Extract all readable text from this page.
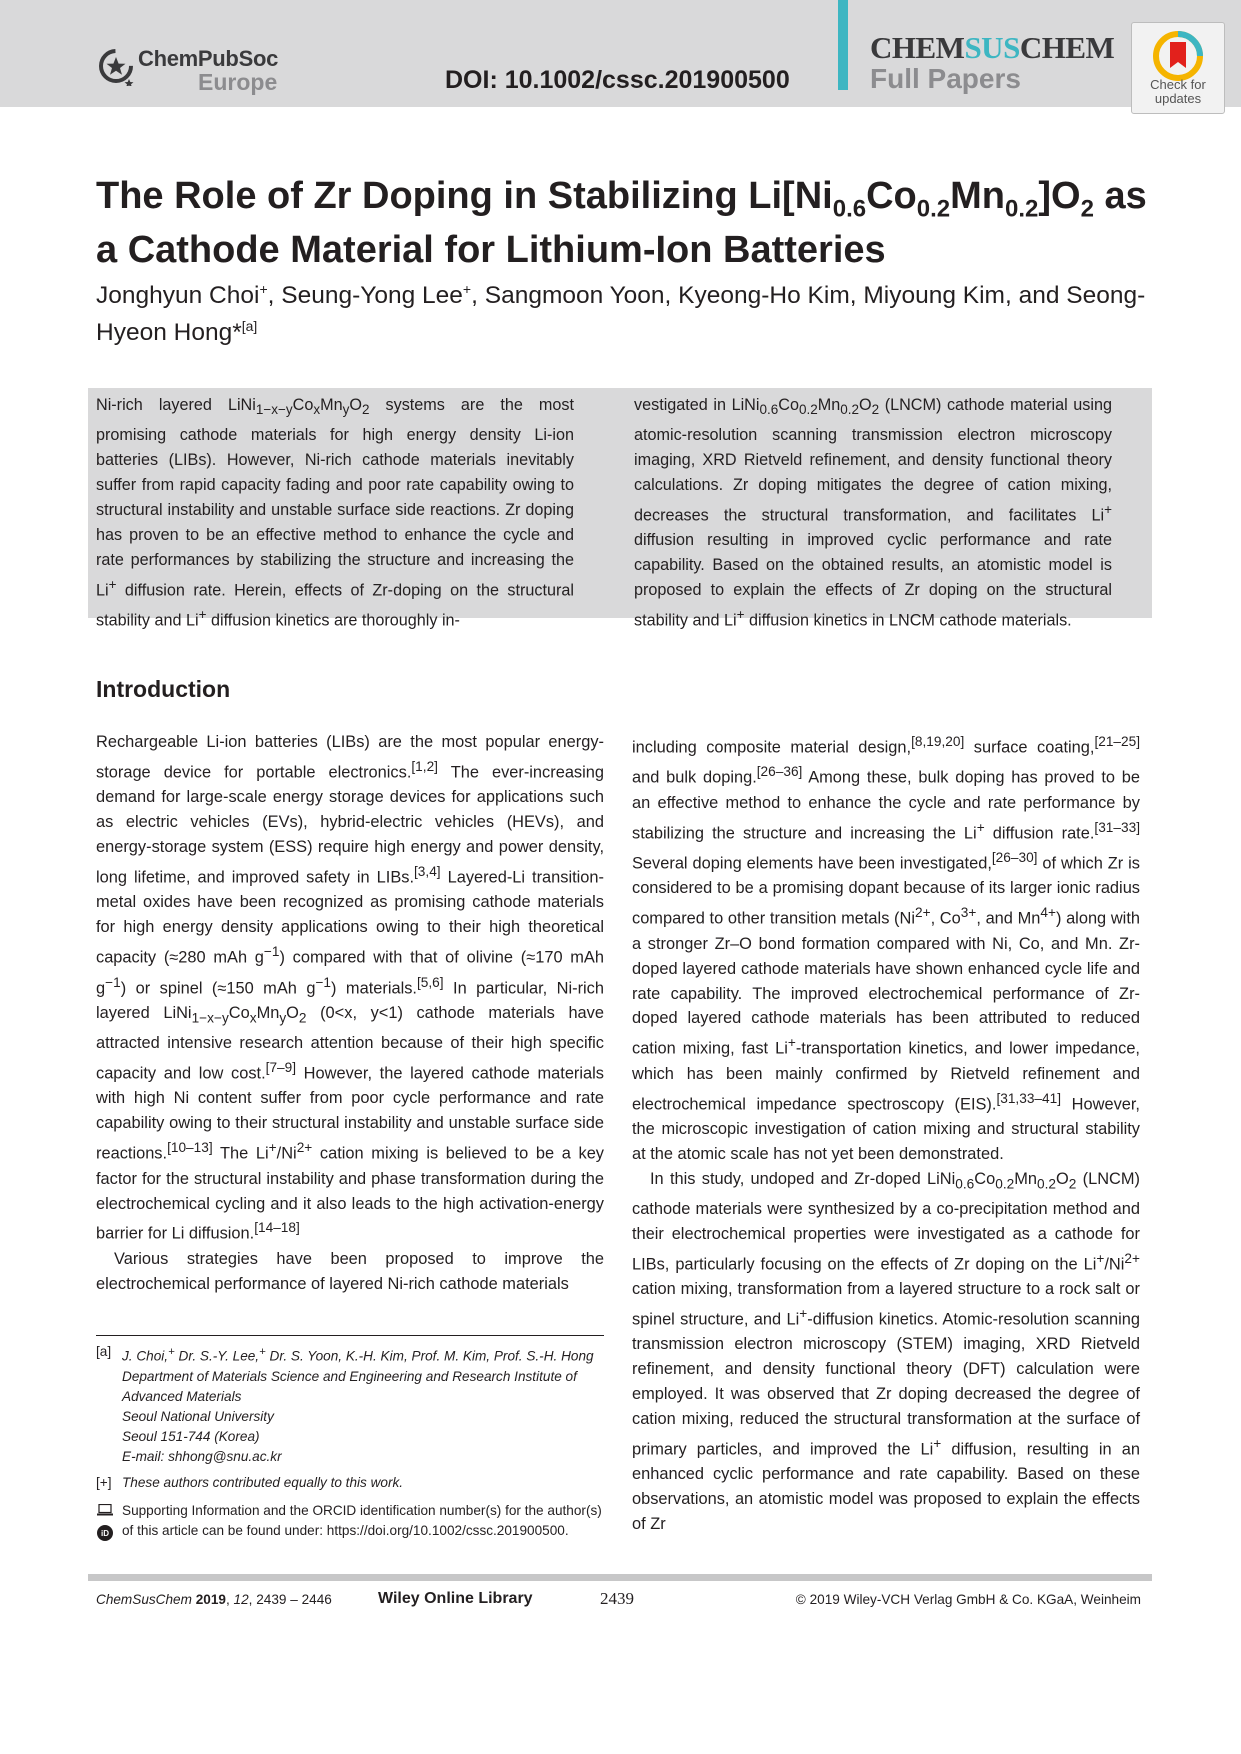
ChemPubSoc
Europe	DOI: 10.1002/cssc.201900500
CHEMSUSCHEM
Full Papers	Check for
updates
The Role of Zr Doping in Stabilizing $Li[Ni_{0.6}Co_{0.2}Mn_{0.2}]O_2$ as a Cathode Material for Lithium-Ion Batteries
Jonghyun Choi+, Seung-Yong Lee+, Sangmoon Yoon, Kyeong-Ho Kim, Miyoung Kim, and Seong-Hyeon Hong*[a]
Ni-rich layered $LiNi_{1-x-y}Co_xMn_yO_2$ systems are the most promising cathode materials for high energy density Li-ion batteries (LIBs). However, Ni-rich cathode materials inevitably suffer from rapid capacity fading and poor rate capability owing to structural instability and unstable surface side reactions. Zr doping has proven to be an effective method to enhance the cycle and rate performances by stabilizing the structure and increasing the Li+ diffusion rate. Herein, effects of Zr-doping on the structural stability and Li+ diffusion kinetics are thoroughly in-
vestigated in $LiNi_{0.6}Co_{0.2}Mn_{0.2}O_2$ (LNCM) cathode material using atomic-resolution scanning transmission electron microscopy imaging, XRD Rietveld refinement, and density functional theory calculations. Zr doping mitigates the degree of cation mixing, decreases the structural transformation, and facilitates Li+ diffusion resulting in improved cyclic performance and rate capability. Based on the obtained results, an atomistic model is proposed to explain the effects of Zr doping on the structural stability and Li+ diffusion kinetics in LNCM cathode materials.
Introduction

Rechargeable Li-ion batteries (LIBs) are the most popular energy-storage device for portable electronics.[1,2] The ever-increasing demand for large-scale energy storage devices for applications such as electric vehicles (EVs), hybrid-electric vehicles (HEVs), and energy-storage system (ESS) require high energy and power density, long lifetime, and improved safety in LIBs.[3,4] Layered-Li transition-metal oxides have been recognized as promising cathode materials for high energy density applications owing to their high theoretical capacity (≈280 mAh $g^{-1}$) compared with that of olivine (≈170 mAh $g^{-1}$) or spinel (≈150 mAh $g^{-1}$) materials.[5,6] In particular, Ni-rich layered $LiNi_{1-x-y}Co_xMn_yO_2$ (0<x, y<1) cathode materials have attracted intensive research attention because of their high specific capacity and low cost.[7–9] However, the layered cathode materials with high Ni content suffer from poor cycle performance and rate capability owing to their structural instability and unstable surface side reactions.[10–13] The $Li^+/Ni^{2+}$ cation mixing is believed to be a key factor for the structural instability and phase transformation during the electrochemical cycling and it also leads to the high activation-energy barrier for Li diffusion.[14–18]

Various strategies have been proposed to improve the electrochemical performance of layered Ni-rich cathode materials

including composite material design,[8,19,20] surface coating,[21–25] and bulk doping.[26–36] Among these, bulk doping has proved to be an effective method to enhance the cycle and rate performance by stabilizing the structure and increasing the Li+ diffusion rate.[31–33] Several doping elements have been investigated,[26–30] of which Zr is considered to be a promising dopant because of its larger ionic radius compared to other transition metals ($Ni^{2+}$, $Co^{3+}$, and $Mn^{4+}$) along with a stronger Zr–O bond formation compared with Ni, Co, and Mn. Zr-doped layered cathode materials have shown enhanced cycle life and rate capability. The improved electrochemical performance of Zr-doped layered cathode materials has been attributed to reduced cation mixing, fast Li+-transportation kinetics, and lower impedance, which has been mainly confirmed by Rietveld refinement and electrochemical impedance spectroscopy (EIS).[31,33–41] However, the microscopic investigation of cation mixing and structural stability at the atomic scale has not yet been demonstrated.

In this study, undoped and Zr-doped $LiNi_{0.6}Co_{0.2}Mn_{0.2}O_2$ (LNCM) cathode materials were synthesized by a co-precipitation method and their electrochemical properties were investigated as a cathode for LIBs, particularly focusing on the effects of Zr doping on the $Li^+/Ni^{2+}$ cation mixing, transformation from a layered structure to a rock salt or spinel structure, and Li+-diffusion kinetics. Atomic-resolution scanning transmission electron microscopy (STEM) imaging, XRD Rietveld refinement, and density functional theory (DFT) calculation were employed. It was observed that Zr doping decreased the degree of cation mixing, reduced the structural transformation at the surface of primary particles, and improved the Li+ diffusion, resulting in an enhanced cyclic performance and rate capability. Based on these observations, an atomistic model was proposed to explain the effects of Zr

[a] J. Choi,+ Dr. S.-Y. Lee,+ Dr. S. Yoon, K.-H. Kim, Prof. M. Kim, Prof. S.-H. Hong
Department of Materials Science and Engineering and Research Institute of Advanced Materials
Seoul National University
Seoul 151-744 (Korea)
E-mail: shhong@snu.ac.kr
[+] These authors contributed equally to this work.
iD
Supporting Information and the ORCID identification number(s) for the author(s) of this article can be found under: https://doi.org/10.1002/cssc.201900500.
ChemSusChem 2019, 12, 2439 – 2446	Wiley Online Library	2439	© 2019 Wiley-VCH Verlag GmbH & Co. KGaA, Weinheim
